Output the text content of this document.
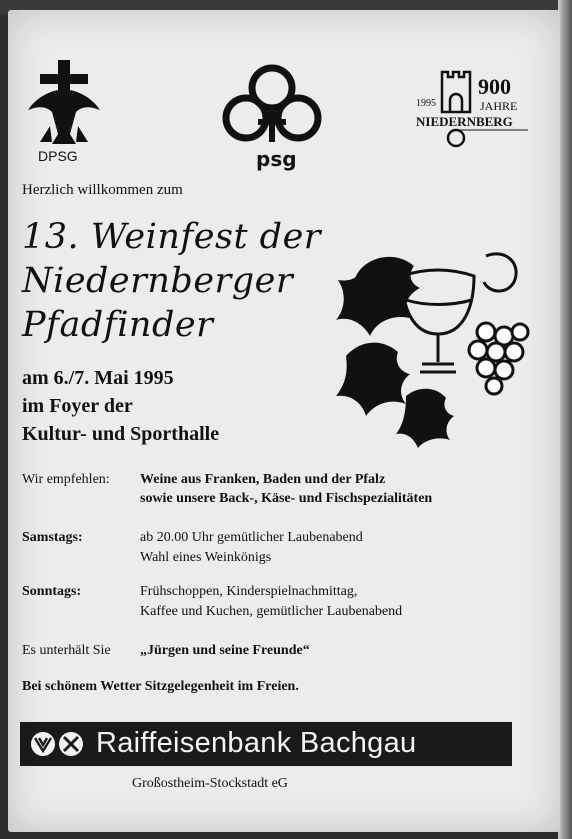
DPSG	psg
1995
900
JAHRE
NIEDERNBERG
Herzlich willkommen zum
13. Weinfest der
Niedernberger
Pfadfinder
am 6./7. Mai 1995
im Foyer der
Kultur- und Sporthalle
Wir empfehlen: Weine aus Franken, Baden und der Pfalz
sowie unsere Back-, Käse- und Fischspezialitäten
Samstags:	ab 20.00 Uhr gemütlicher Laubenabend
Wahl eines Weinkönigs
Sonntags:	Frühschoppen, Kinderspielnachmittag,
Kaffee und Kuchen, gemütlicher Laubenabend
Es unterhält Sie „Jürgen und seine Freunde“
Bei schönem Wetter Sitzgelegenheit im Freien.
Raiffeisenbank Bachgau
Großostheim-Stockstadt eG
